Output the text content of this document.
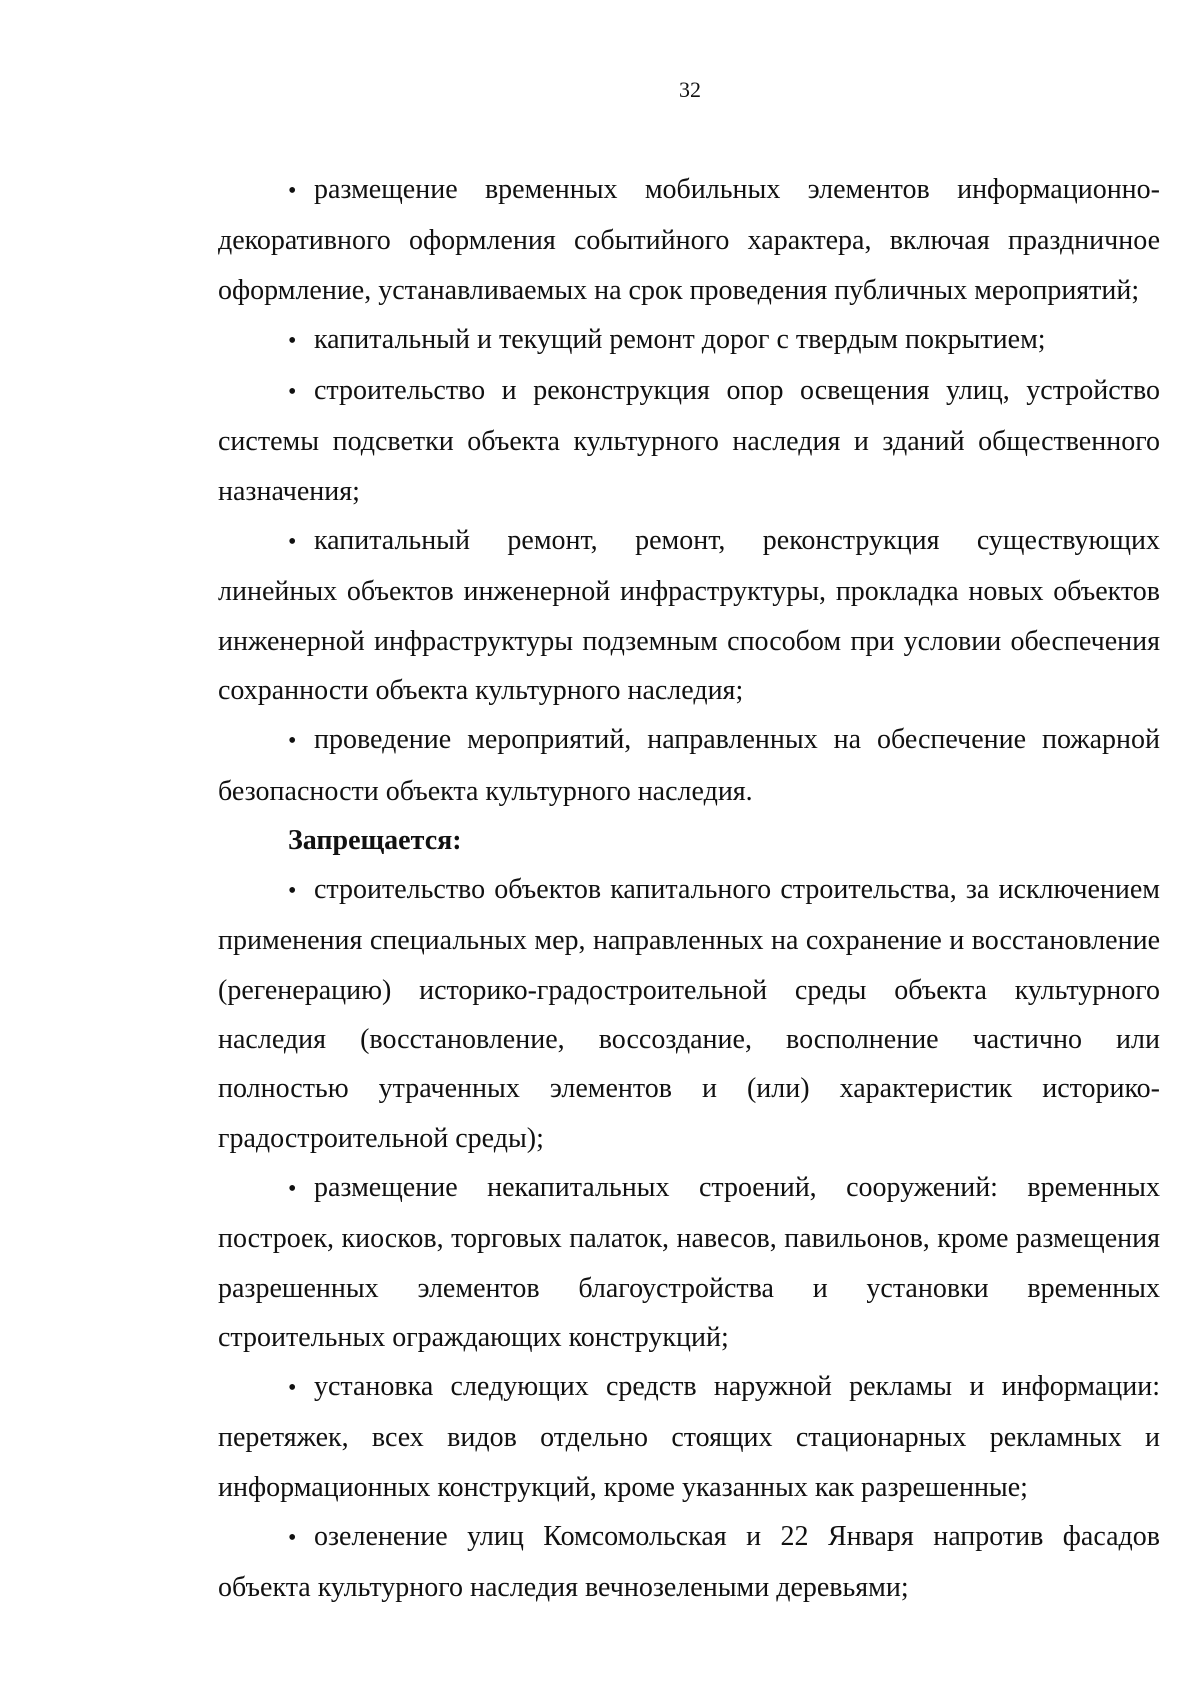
32

• размещение временных мобильных элементов информационно-декоративного оформления событийного характера, включая праздничное оформление, устанавливаемых на срок проведения публичных мероприятий;

• капитальный и текущий ремонт дорог с твердым покрытием;

• строительство и реконструкция опор освещения улиц, устройство системы подсветки объекта культурного наследия и зданий общественного назначения;

• капитальный ремонт, ремонт, реконструкция существующих линейных объектов инженерной инфраструктуры, прокладка новых объектов инженерной инфраструктуры подземным способом при условии обеспечения сохранности объекта культурного наследия;

• проведение мероприятий, направленных на обеспечение пожарной безопасности объекта культурного наследия.

Запрещается:

• строительство объектов капитального строительства, за исключением применения специальных мер, направленных на сохранение и восстановление (регенерацию) историко-градостроительной среды объекта культурного наследия (восстановление, воссоздание, восполнение частично или полностью утраченных элементов и (или) характеристик историко-градостроительной среды);

• размещение некапитальных строений, сооружений: временных построек, киосков, торговых палаток, навесов, павильонов, кроме размещения разрешенных элементов благоустройства и установки временных строительных ограждающих конструкций;

• установка следующих средств наружной рекламы и информации: перетяжек, всех видов отдельно стоящих стационарных рекламных и информационных конструкций, кроме указанных как разрешенные;

• озеленение улиц Комсомольская и 22 Января напротив фасадов объекта культурного наследия вечнозелеными деревьями;
